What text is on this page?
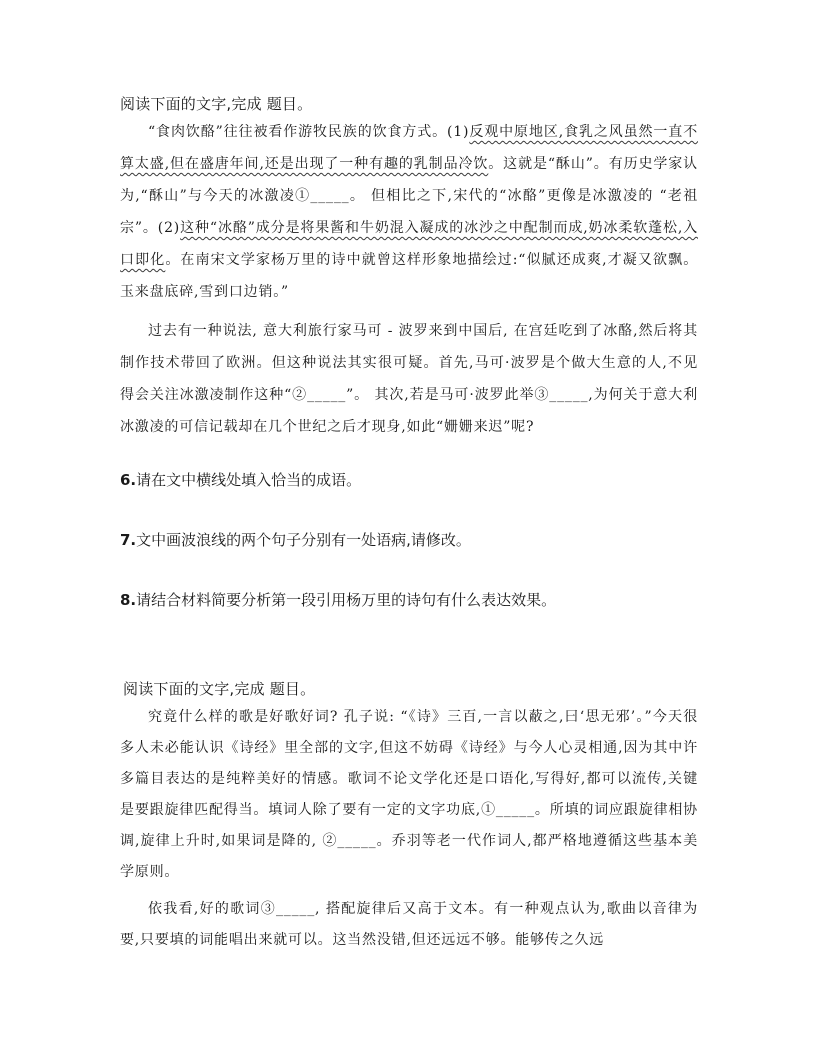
阅读下面的文字,完成 题目。

“食肉饮酪”往往被看作游牧民族的饮食方式。(1)反观中原地区,食乳之风虽然一直不算太盛,但在盛唐年间,还是出现了一种有趣的乳制品冷饮。这就是“酥山”。有历史学家认为,“酥山”与今天的冰激凌①_____。 但相比之下,宋代的“冰酪”更像是冰激凌的 “老祖宗”。(2)这种“冰酪”成分是将果酱和牛奶混入凝成的冰沙之中配制而成,奶冰柔软蓬松,入口即化。在南宋文学家杨万里的诗中就曾这样形象地描绘过:“似腻还成爽,才凝又欲飘。玉来盘底碎,雪到口边销。”

过去有一种说法, 意大利旅行家马可 - 波罗来到中国后, 在宫廷吃到了冰酪,然后将其制作技术带回了欧洲。但这种说法其实很可疑。首先,马可·波罗是个做大生意的人,不见得会关注冰激凌制作这种“②_____”。 其次,若是马可·波罗此举③_____,为何关于意大利冰激凌的可信记载却在几个世纪之后才现身,如此“姗姗来迟”呢?

6.请在文中横线处填入恰当的成语。

7.文中画波浪线的两个句子分别有一处语病,请修改。

8.请结合材料简要分析第一段引用杨万里的诗句有什么表达效果。

阅读下面的文字,完成 题目。

究竟什么样的歌是好歌好词? 孔子说: “《诗》三百,一言以蔽之,曰‘思无邪’。”今天很多人未必能认识《诗经》里全部的文字,但这不妨碍《诗经》与今人心灵相通,因为其中许多篇目表达的是纯粹美好的情感。歌词不论文学化还是口语化,写得好,都可以流传,关键是要跟旋律匹配得当。填词人除了要有一定的文字功底,①_____。所填的词应跟旋律相协调,旋律上升时,如果词是降的, ②_____。乔羽等老一代作词人,都严格地遵循这些基本美学原则。

依我看,好的歌词③_____, 搭配旋律后又高于文本。有一种观点认为,歌曲以音律为要,只要填的词能唱出来就可以。这当然没错,但还远远不够。能够传之久远
